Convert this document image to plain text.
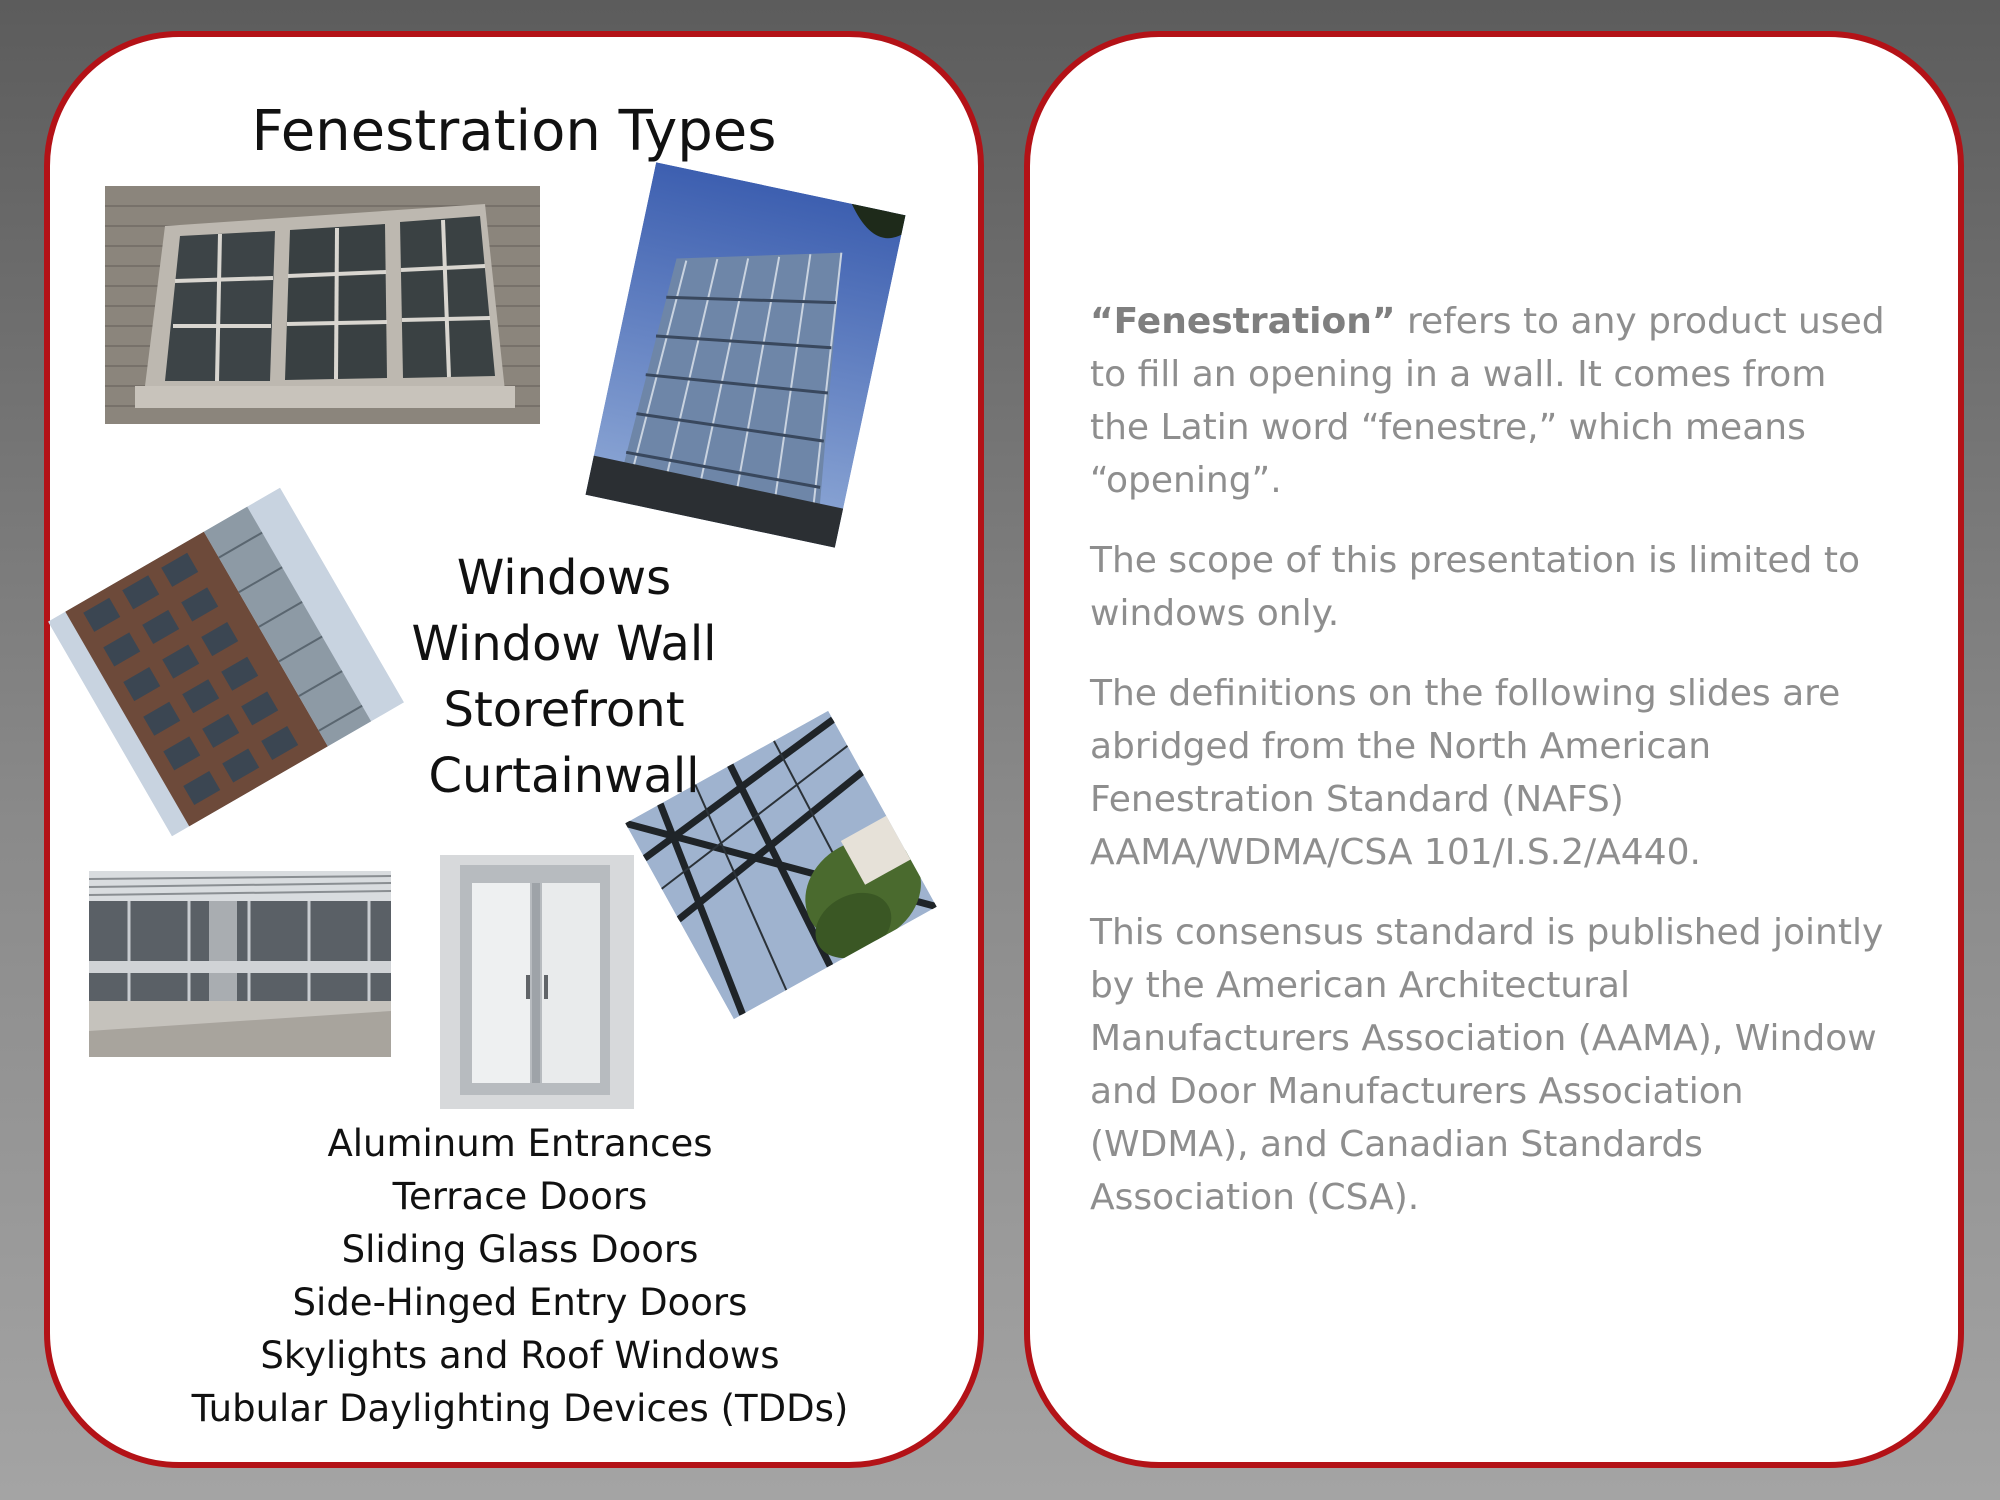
Fenestration Types
Windows
Window Wall
Storefront
Curtainwall
Aluminum Entrances
Terrace Doors
Sliding Glass Doors
Side-Hinged Entry Doors
Skylights and Roof Windows
Tubular Daylighting Devices (TDDs)

“Fenestration” refers to any product used to fill an opening in a wall. It comes from the Latin word “fenestre,” which means “opening”.

The scope of this presentation is limited to windows only.

The definitions on the following slides are abridged from the North American Fenestration Standard (NAFS) AAMA/WDMA/CSA 101/I.S.2/A440.

This consensus standard is published jointly by the American Architectural Manufacturers Association (AAMA), Window and Door Manufacturers Association (WDMA), and Canadian Standards Association (CSA).
